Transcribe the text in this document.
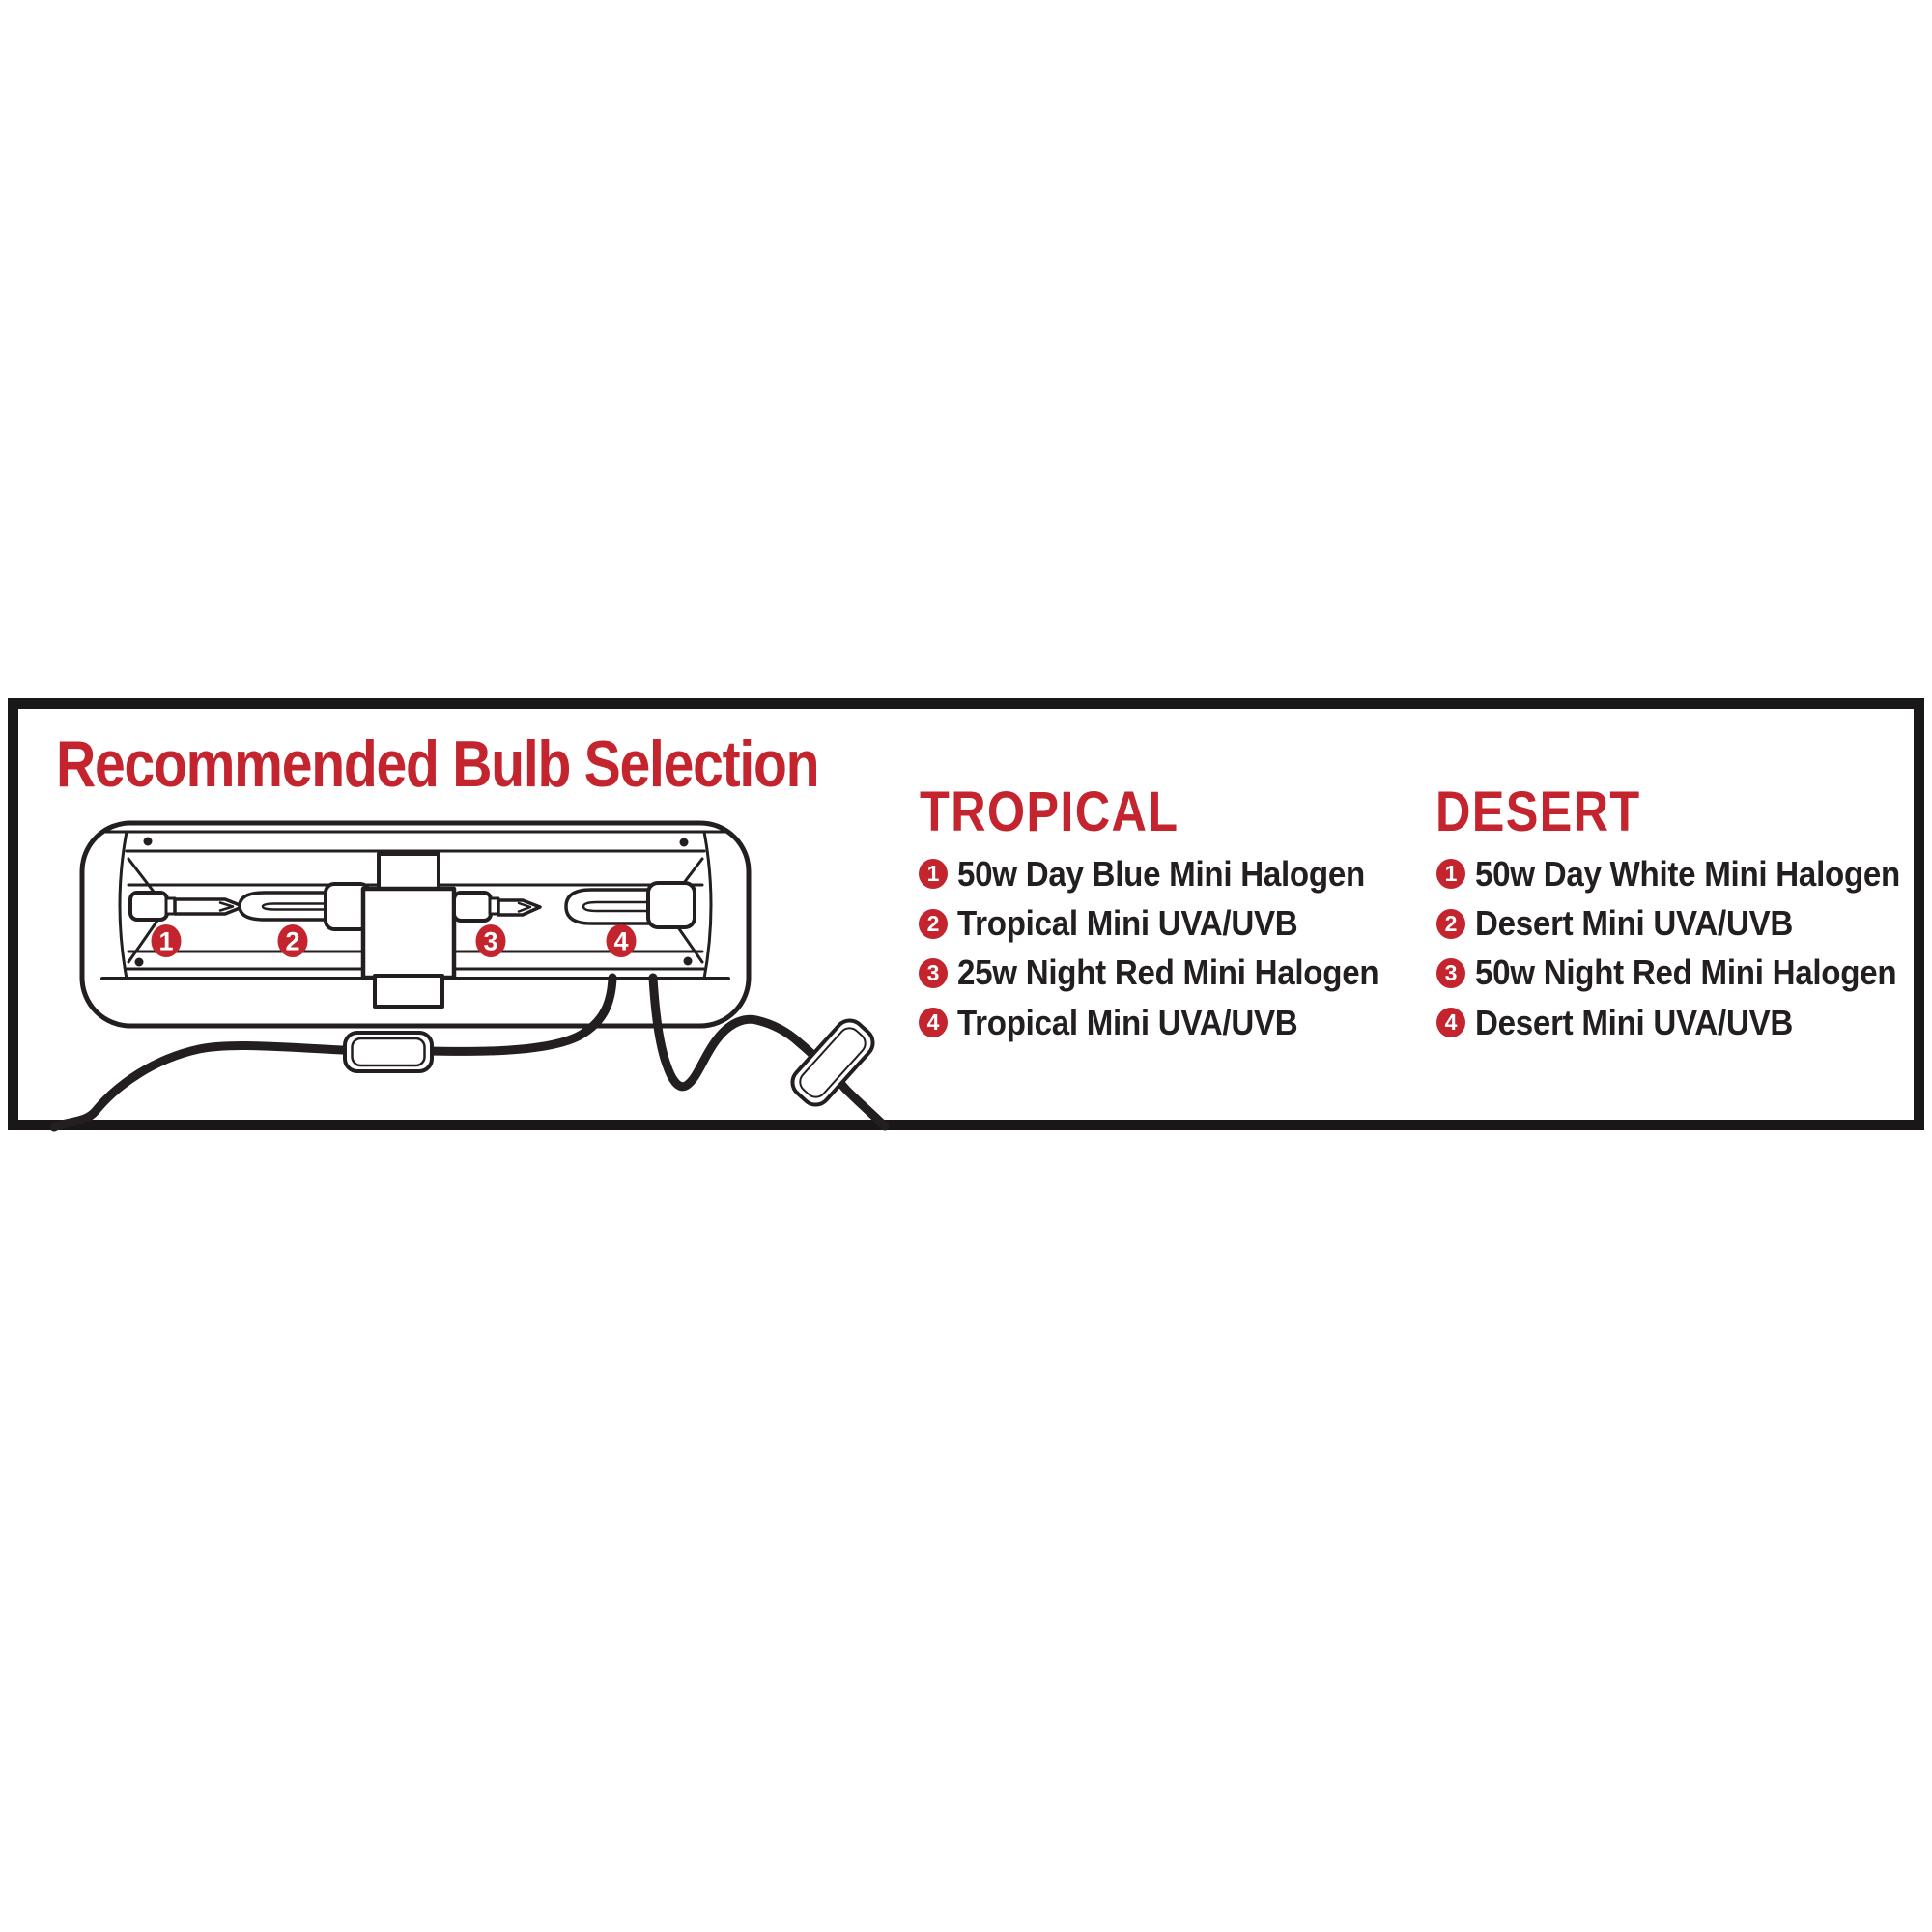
Recommended Bulb Selection
1	2	3	4
TROPICAL
1 50w Day Blue Mini Halogen
2 Tropical Mini UVA/UVB
3 25w Night Red Mini Halogen
4 Tropical Mini UVA/UVB
DESERT
1 50w Day White Mini Halogen
2 Desert Mini UVA/UVB
3 50w Night Red Mini Halogen
4 Desert Mini UVA/UVB
